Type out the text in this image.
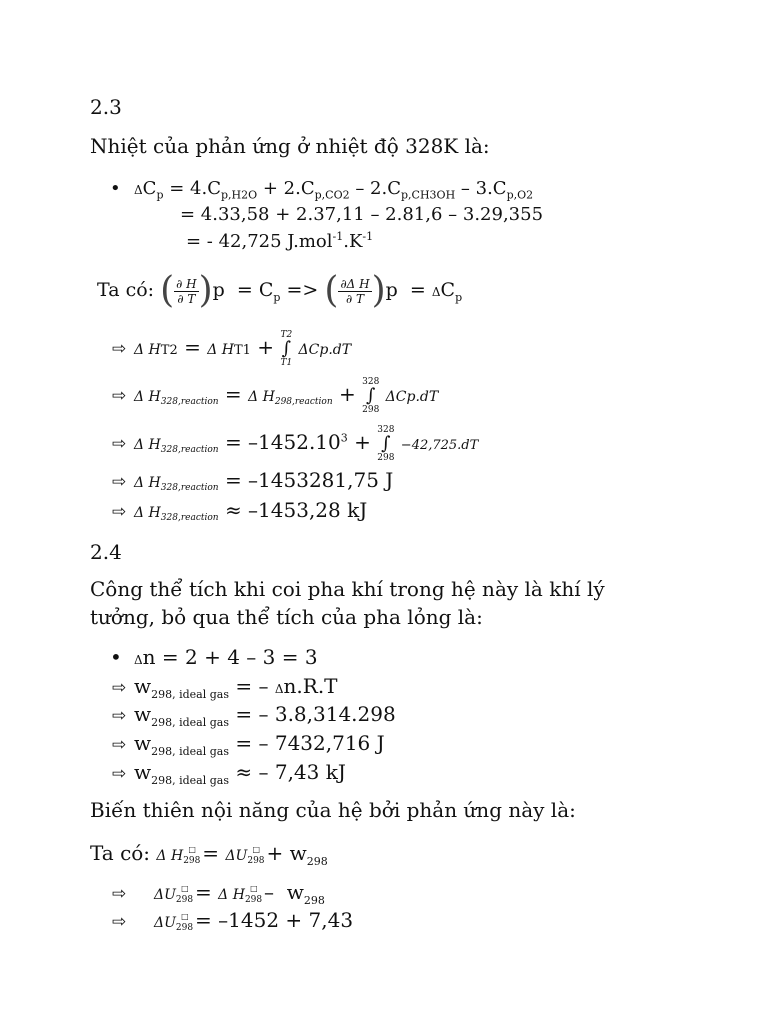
2.3
Nhiệt của phản ứng ở nhiệt độ 328K là:
• $\Delta C_p = 4.C_{p,H2O} + 2.C_{p,CO2} - 2.C_{p,CH3OH} - 3.C_{p,O2}$
= 4.33,58 + 2.37,11 – 2.81,6 – 3.29,355
= - 42,725 $J.mol^{-1}.K^{-1}$
Ta có: ( $\frac{\partial H}{\partial T} )p = C_p$ => ( $\frac{\text{∂Δ H}}{\partial T} )p = \Delta C_p$
⇨ Δ HT2 = Δ HT1 +
T2
∫
T1
ΔCp.dT
⇨ Δ H328,reaction = Δ H298,reaction +
328
∫
298
ΔCp.dT
⇨ Δ H328,reaction = $-1452.10^3$ +
328
∫
298
−42,725.dT
⇨ Δ H328,reaction = –1453281,75 J
⇨ Δ H328,reaction ≈ –1453,28 kJ
2.4
Công thể tích khi coi pha khí trong hệ này là khí lý
tưởng, bỏ qua thể tích của pha lỏng là:
• Δn = 2 + 4 – 3 = 3
⇨ $w_{298, ideal gas}$ = – Δn.R.T
⇨ $w_{298, ideal gas}$ = – 3.8,314.298
⇨ $w_{298, ideal gas}$ = – 7432,716 J
⇨ $w_{298, ideal gas}$ ≈ – 7,43 kJ
Biến thiên nội năng của hệ bởi phản ứng này là:
Ta có: Δ $H298^□ = \Delta U298^□ + w_{298}$
⇨ ΔU298□ = Δ $H298^□ - w_{298}$
⇨ ΔU298□ = –1452 + 7,43
